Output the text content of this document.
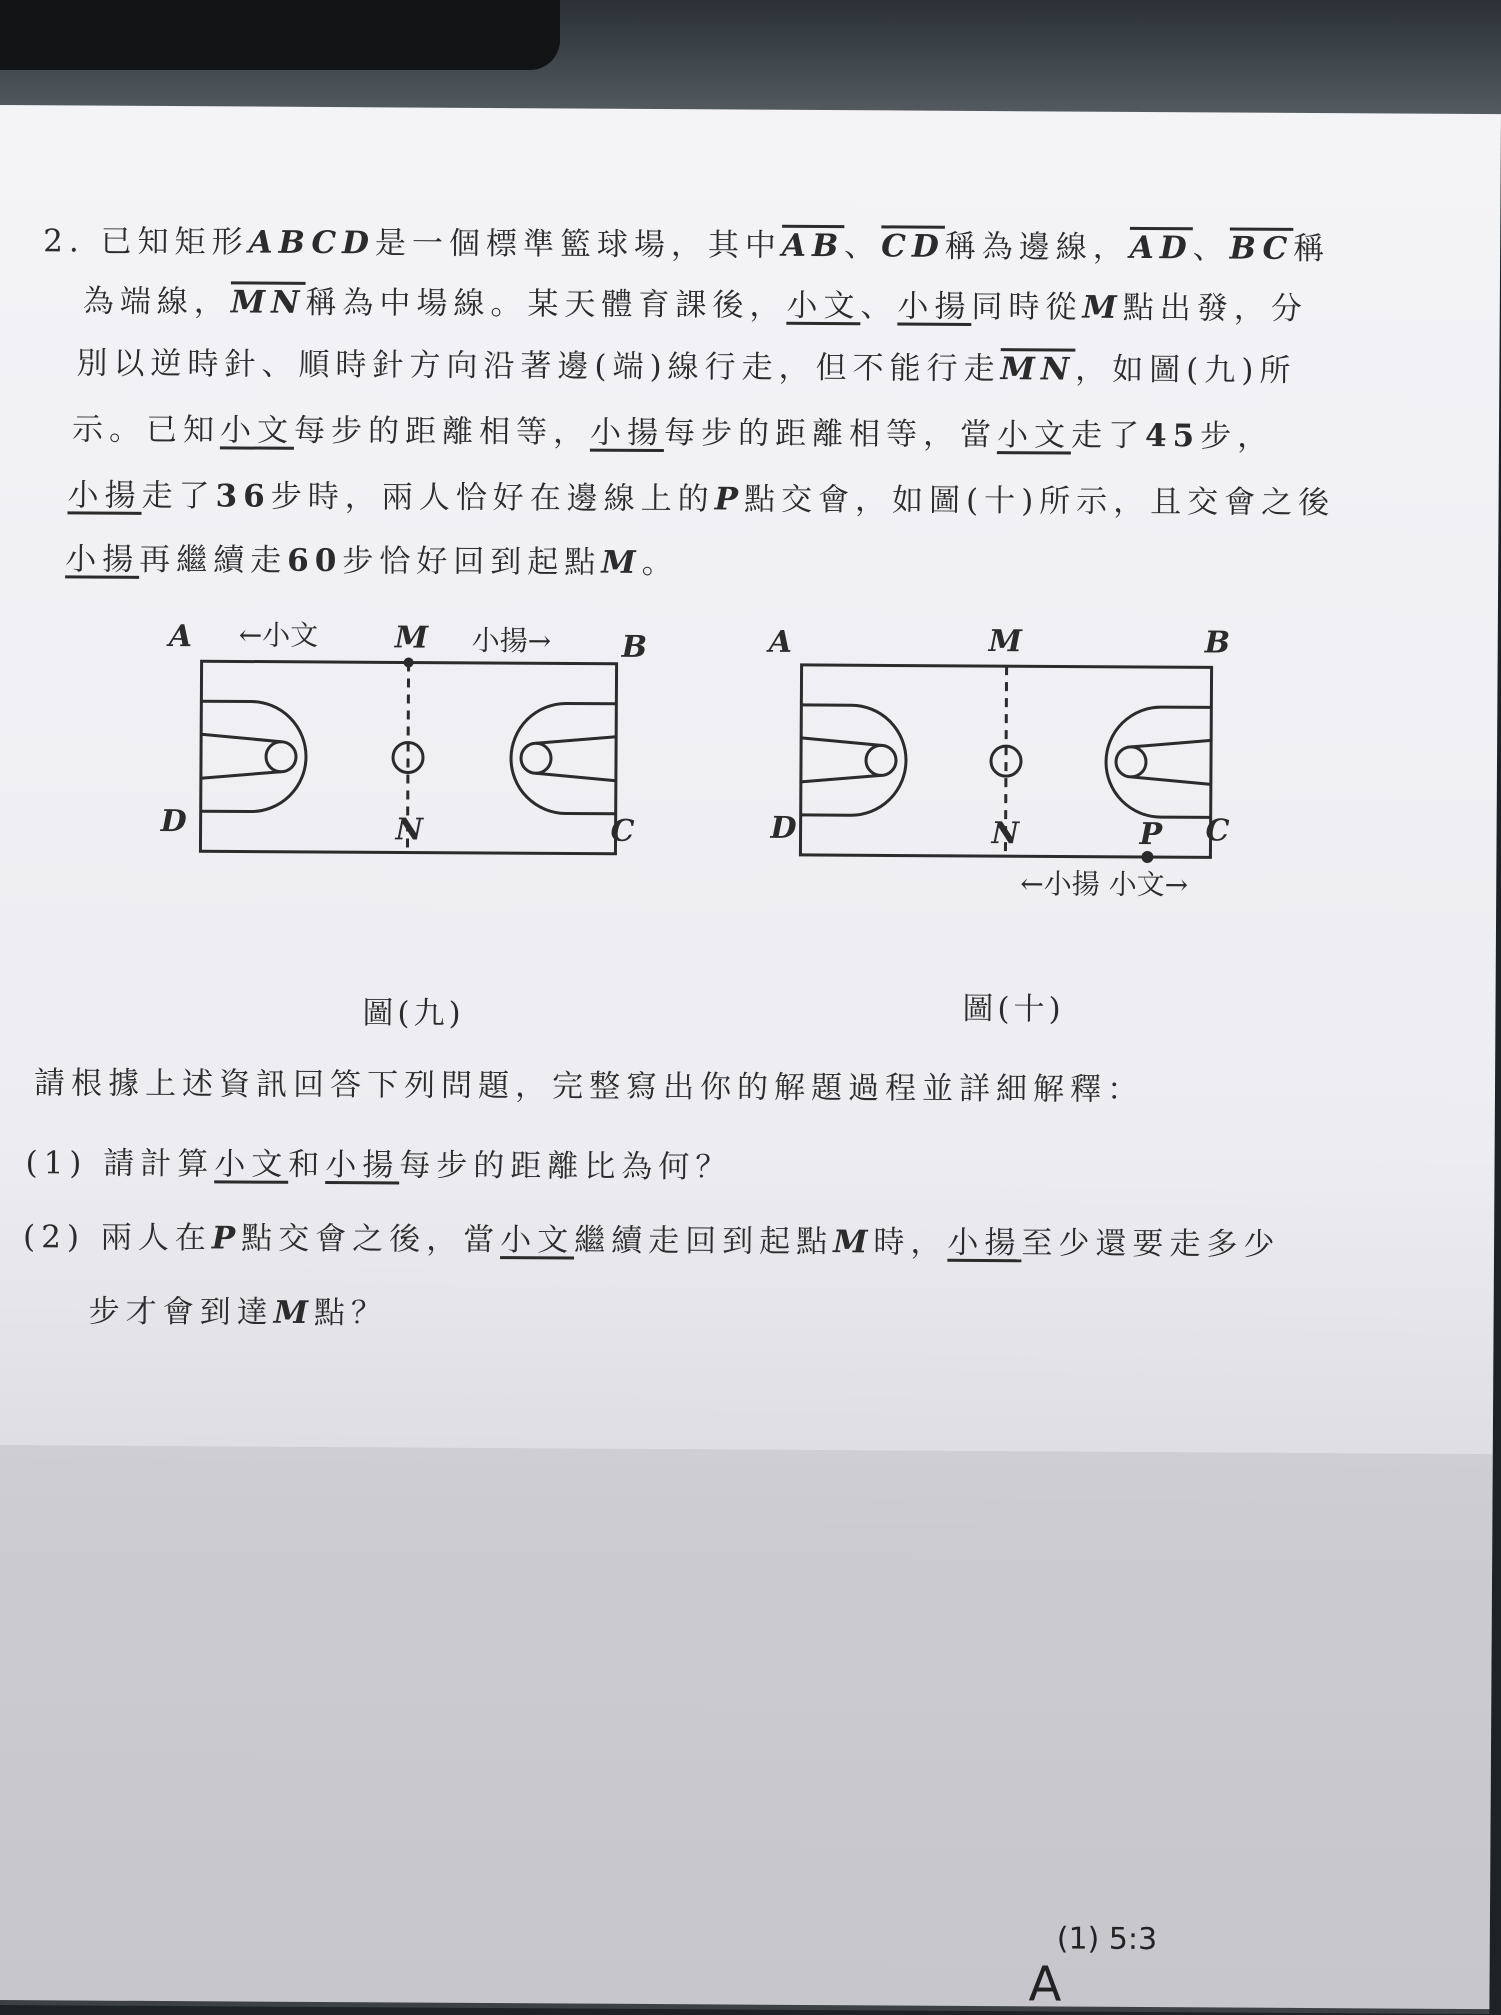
2. 已知矩形ABCD是一個標準籃球場，其中$\overline{AB}$、$\overline{CD}$稱為邊線，$\overline{AD}$、$\overline{BC}$稱
為端線，$\overline{MN}$稱為中場線。某天體育課後，小文、小揚同時從M點出發，分
別以逆時針、順時針方向沿著邊(端)線行走，但不能行走$\overline{MN}$，如圖(九)所
示。已知小文每步的距離相等，小揚每步的距離相等，當小文走了45步，
小揚走了36步時，兩人恰好在邊線上的P點交會，如圖(十)所示，且交會之後
小揚再繼續走60步恰好回到起點M。
A	M	B
D	N	C
←小文	小揚→
圖(九)
A	M	B
D	N	P C
←小揚 小文→
圖(十)
請根據上述資訊回答下列問題，完整寫出你的解題過程並詳細解釋：
(1) 請計算小文和小揚每步的距離比為何？
(2) 兩人在P點交會之後，當小文繼續走回到起點M時，小揚至少還要走多少
步才會到達M點？
(1) 5:3
A
